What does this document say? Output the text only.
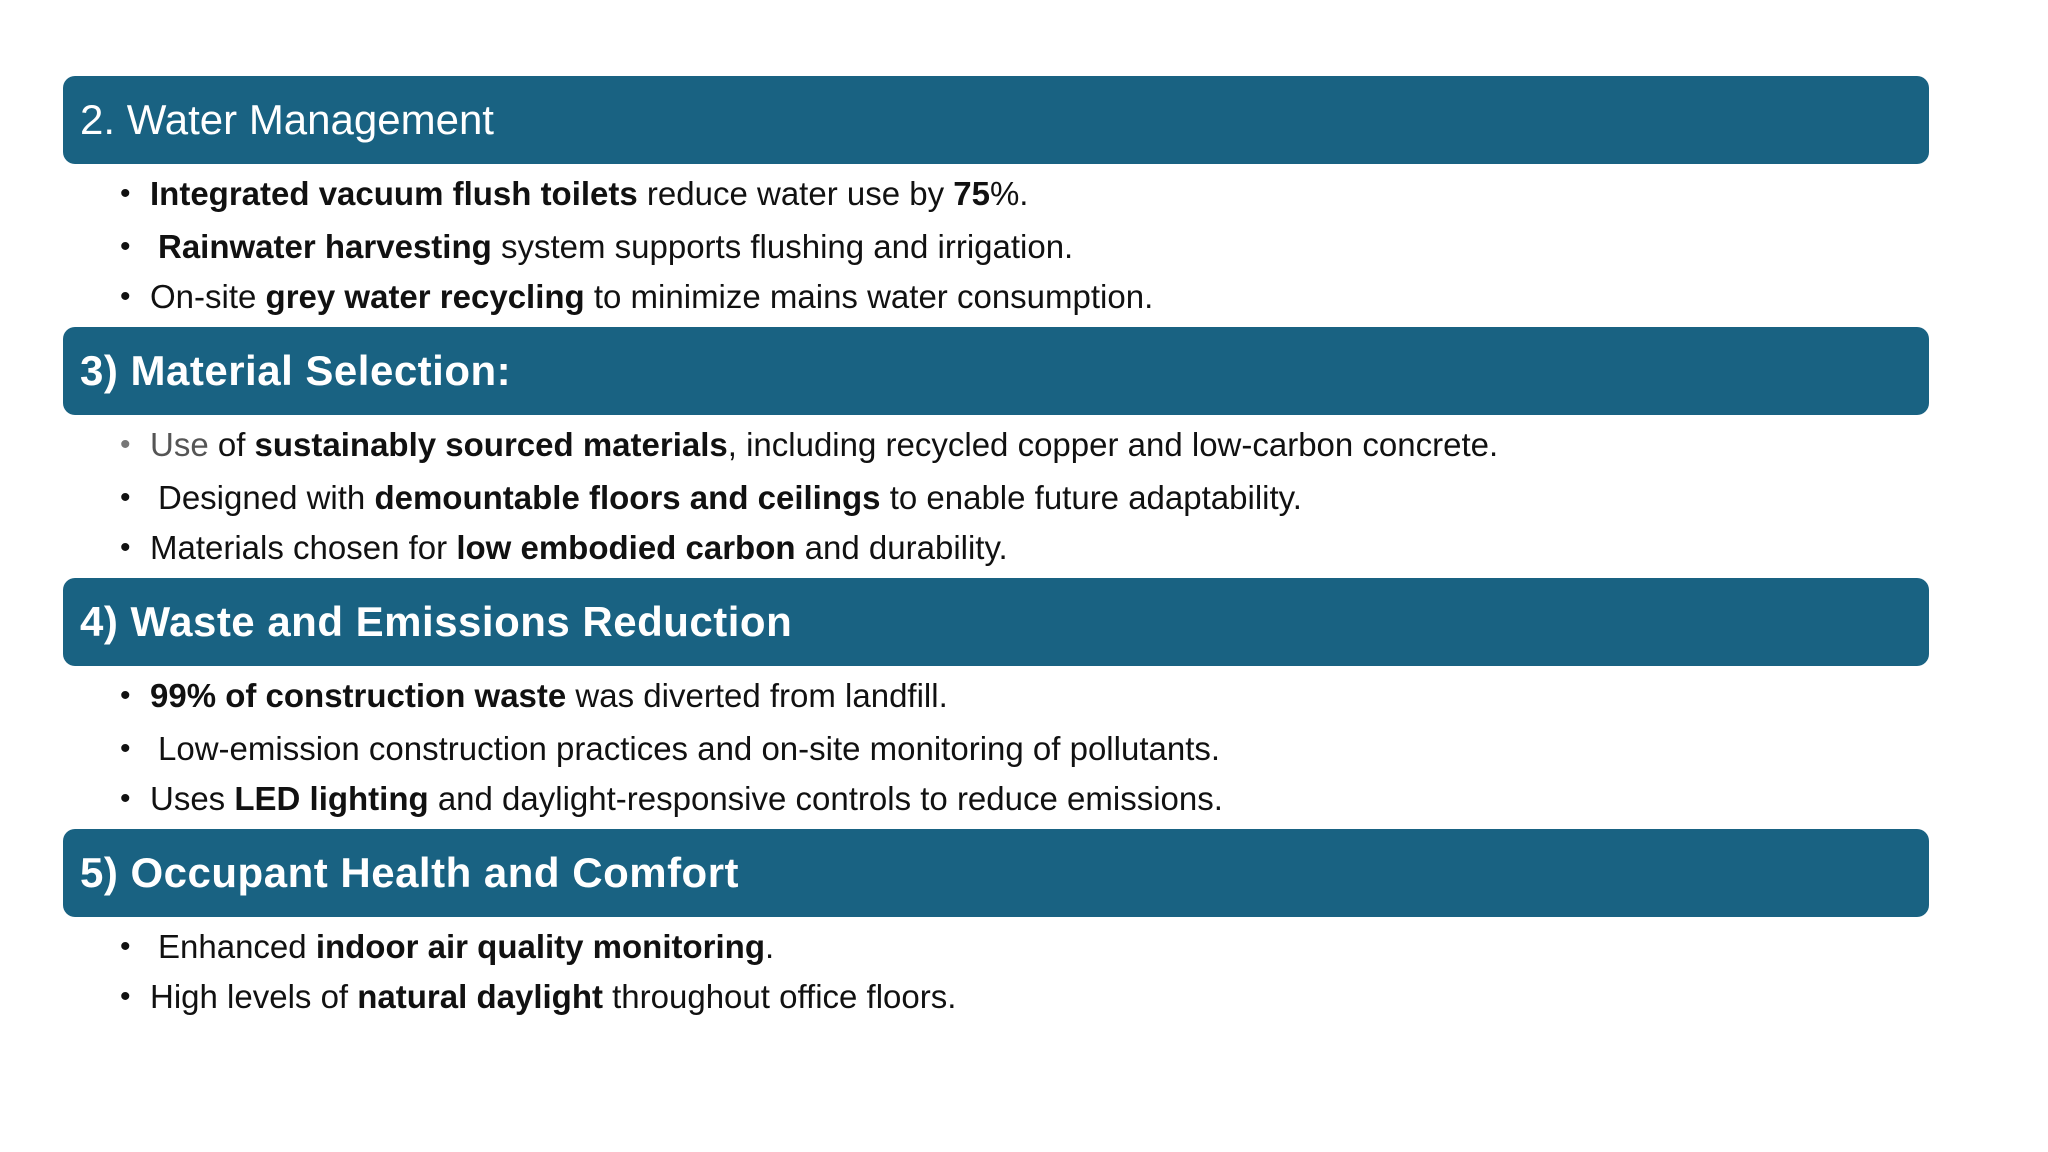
2. Water Management
• Integrated vacuum flush toilets reduce water use by 75%.
• Rainwater harvesting system supports flushing and irrigation.
• On-site grey water recycling to minimize mains water consumption.
3) Material Selection:
• Use of sustainably sourced materials, including recycled copper and low-carbon concrete.
• Designed with demountable floors and ceilings to enable future adaptability.
• Materials chosen for low embodied carbon and durability.
4) Waste and Emissions Reduction
• 99% of construction waste was diverted from landfill.
• Low-emission construction practices and on-site monitoring of pollutants.
• Uses LED lighting and daylight-responsive controls to reduce emissions.
5) Occupant Health and Comfort
• Enhanced indoor air quality monitoring.
• High levels of natural daylight throughout office floors.
